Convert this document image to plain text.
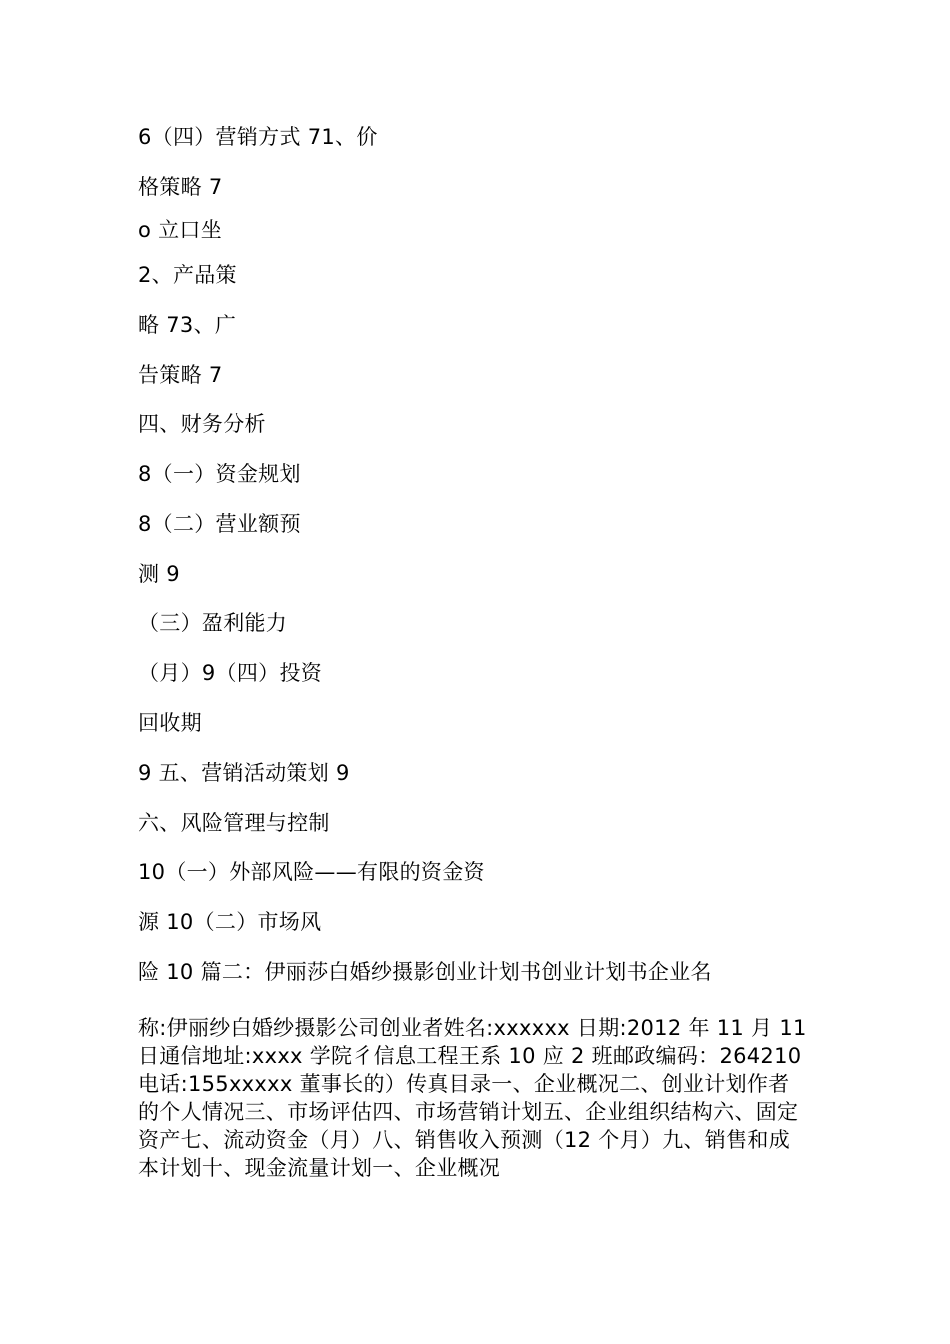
6（四）营销方式 71、价
格策略 7
o 立口坐
2、产品策
略 73、广
告策略 7
四、财务分析
8（一）资金规划
8（二）营业额预
测 9
（三）盈利能力
（月）9（四）投资
回收期
9 五、营销活动策划 9
六、风险管理与控制
10（一）外部风险——有限的资金资
源 10（二）市场风
险 10 篇二：伊丽莎白婚纱摄影创业计划书创业计划书企业名
称:伊丽纱白婚纱摄影公司创业者姓名:xxxxxx 日期:2012 年 11 月 11
日通信地址:xxxx 学院彳信息工程王系 10 应 2 班邮政编码：264210
电话:155xxxxx 董事长的）传真目录一、企业概况二、创业计划作者
的个人情况三、市场评估四、市场营销计划五、企业组织结构六、固定
资产七、流动资金（月）八、销售收入预测（12 个月）九、销售和成
本计划十、现金流量计划一、企业概况
